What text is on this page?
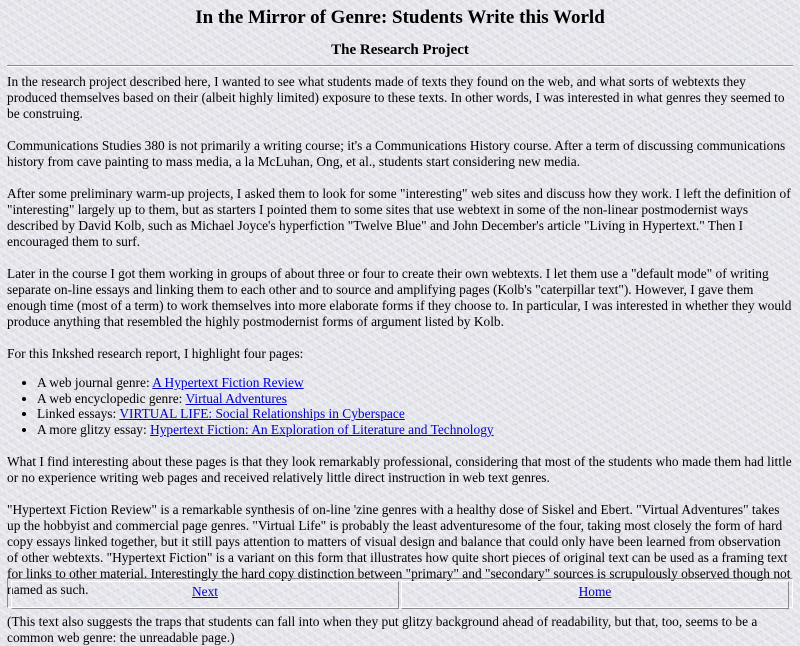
In the Mirror of Genre: Students Write this World
The Research Project

In the research project described here, I wanted to see what students made of texts they found on the web, and what sorts of webtexts they produced themselves based on their (albeit highly limited) exposure to these texts. In other words, I was interested in what genres they seemed to be construing.

Communications Studies 380 is not primarily a writing course; it's a Communications History course. After a term of discussing communications history from cave painting to mass media, a la McLuhan, Ong, et al., students start considering new media.

After some preliminary warm-up projects, I asked them to look for some "interesting" web sites and discuss how they work. I left the definition of "interesting" largely up to them, but as starters I pointed them to some sites that use webtext in some of the non-linear postmodernist ways described by David Kolb, such as Michael Joyce's hyperfiction "Twelve Blue" and John December's article "Living in Hypertext." Then I encouraged them to surf.

Later in the course I got them working in groups of about three or four to create their own webtexts. I let them use a "default mode" of writing separate on-line essays and linking them to each other and to source and amplifying pages (Kolb's "caterpillar text"). However, I gave them enough time (most of a term) to work themselves into more elaborate forms if they choose to. In particular, I was interested in whether they would produce anything that resembled the highly postmodernist forms of argument listed by Kolb.

For this Inkshed research report, I highlight four pages:

• A web journal genre: A Hypertext Fiction Review
• A web encyclopedic genre: Virtual Adventures
• Linked essays: VIRTUAL LIFE: Social Relationships in Cyberspace
• A more glitzy essay: Hypertext Fiction: An Exploration of Literature and Technology

What I find interesting about these pages is that they look remarkably professional, considering that most of the students who made them had little or no experience writing web pages and received relatively little direct instruction in web text genres.

"Hypertext Fiction Review" is a remarkable synthesis of on-line 'zine genres with a healthy dose of Siskel and Ebert. "Virtual Adventures" takes up the hobbyist and commercial page genres. "Virtual Life" is probably the least adventuresome of the four, taking most closely the form of hard copy essays linked together, but it still pays attention to matters of visual design and balance that could only have been learned from observation of other webtexts. "Hypertext Fiction" is a variant on this form that illustrates how quite short pieces of original text can be used as a framing text for links to other material. Interestingly the hard copy distinction between "primary" and "secondary" sources is scrupulously observed though not named as such.

(This text also suggests the traps that students can fall into when they put glitzy background ahead of readability, but that, too, seems to be a common web genre: the unreadable page.)

Next	Home
